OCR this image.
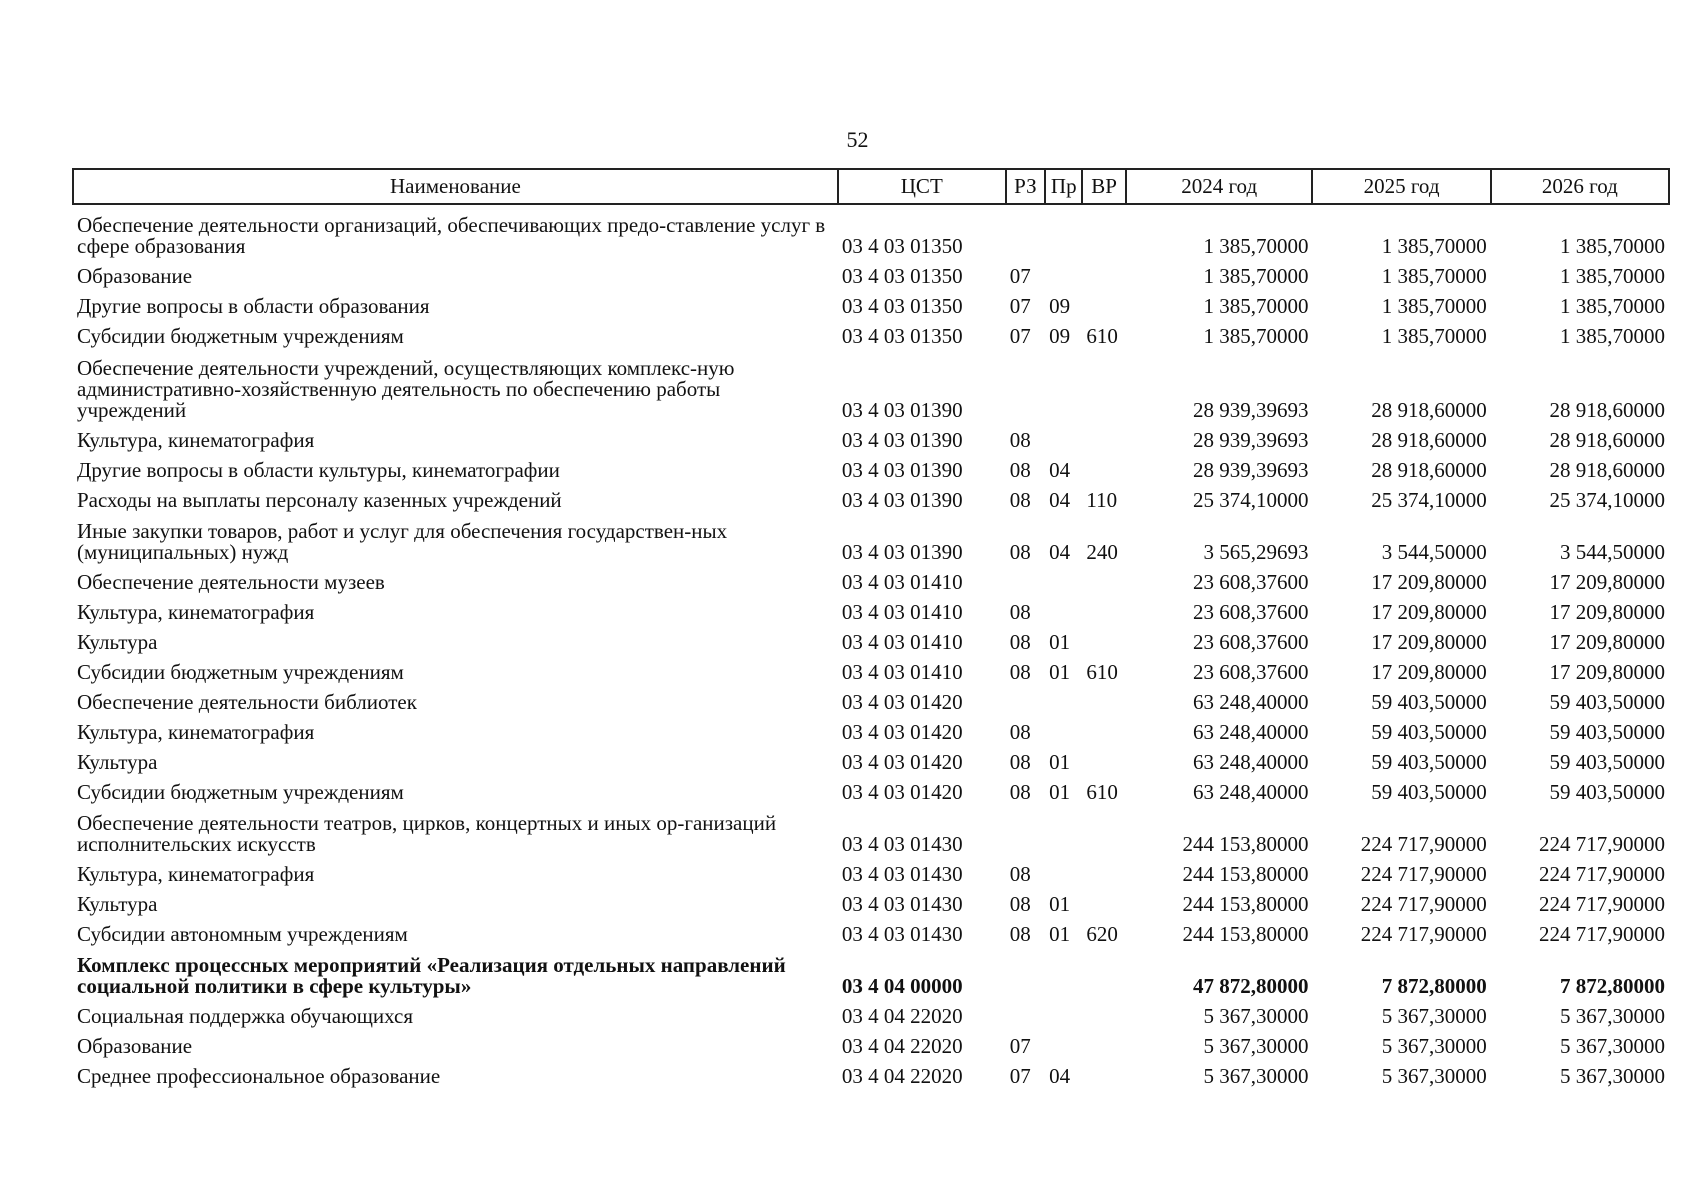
52
Наименование	ЦСТ	РЗ	Пр	ВР	2024 год	2025 год	2026 год
Обеспечение деятельности организаций, обеспечивающих предо-ставление услуг в сфере образования	03 4 03 01350				1 385,70000	1 385,70000	1 385,70000
Образование	03 4 03 01350	07			1 385,70000	1 385,70000	1 385,70000
Другие вопросы в области образования	03 4 03 01350	07	09		1 385,70000	1 385,70000	1 385,70000
Субсидии бюджетным учреждениям	03 4 03 01350	07	09	610	1 385,70000	1 385,70000	1 385,70000
Обеспечение деятельности учреждений, осуществляющих комплекс-ную административно-хозяйственную деятельность по обеспечению работы учреждений	03 4 03 01390				28 939,39693	28 918,60000	28 918,60000
Культура, кинематография	03 4 03 01390	08			28 939,39693	28 918,60000	28 918,60000
Другие вопросы в области культуры, кинематографии	03 4 03 01390	08	04		28 939,39693	28 918,60000	28 918,60000
Расходы на выплаты персоналу казенных учреждений	03 4 03 01390	08	04	110	25 374,10000	25 374,10000	25 374,10000
Иные закупки товаров, работ и услуг для обеспечения государствен-ных (муниципальных) нужд	03 4 03 01390	08	04	240	3 565,29693	3 544,50000	3 544,50000
Обеспечение деятельности музеев	03 4 03 01410				23 608,37600	17 209,80000	17 209,80000
Культура, кинематография	03 4 03 01410	08			23 608,37600	17 209,80000	17 209,80000
Культура	03 4 03 01410	08	01		23 608,37600	17 209,80000	17 209,80000
Субсидии бюджетным учреждениям	03 4 03 01410	08	01	610	23 608,37600	17 209,80000	17 209,80000
Обеспечение деятельности библиотек	03 4 03 01420				63 248,40000	59 403,50000	59 403,50000
Культура, кинематография	03 4 03 01420	08			63 248,40000	59 403,50000	59 403,50000
Культура	03 4 03 01420	08	01		63 248,40000	59 403,50000	59 403,50000
Субсидии бюджетным учреждениям	03 4 03 01420	08	01	610	63 248,40000	59 403,50000	59 403,50000
Обеспечение деятельности театров, цирков, концертных и иных ор-ганизаций исполнительских искусств	03 4 03 01430				244 153,80000	224 717,90000	224 717,90000
Культура, кинематография	03 4 03 01430	08			244 153,80000	224 717,90000	224 717,90000
Культура	03 4 03 01430	08	01		244 153,80000	224 717,90000	224 717,90000
Субсидии автономным учреждениям	03 4 03 01430	08	01	620	244 153,80000	224 717,90000	224 717,90000
Комплекс процессных мероприятий «Реализация отдельных направлений социальной политики в сфере культуры»	03 4 04 00000				47 872,80000	7 872,80000	7 872,80000
Социальная поддержка обучающихся	03 4 04 22020				5 367,30000	5 367,30000	5 367,30000
Образование	03 4 04 22020	07			5 367,30000	5 367,30000	5 367,30000
Среднее профессиональное образование	03 4 04 22020	07	04		5 367,30000	5 367,30000	5 367,30000
